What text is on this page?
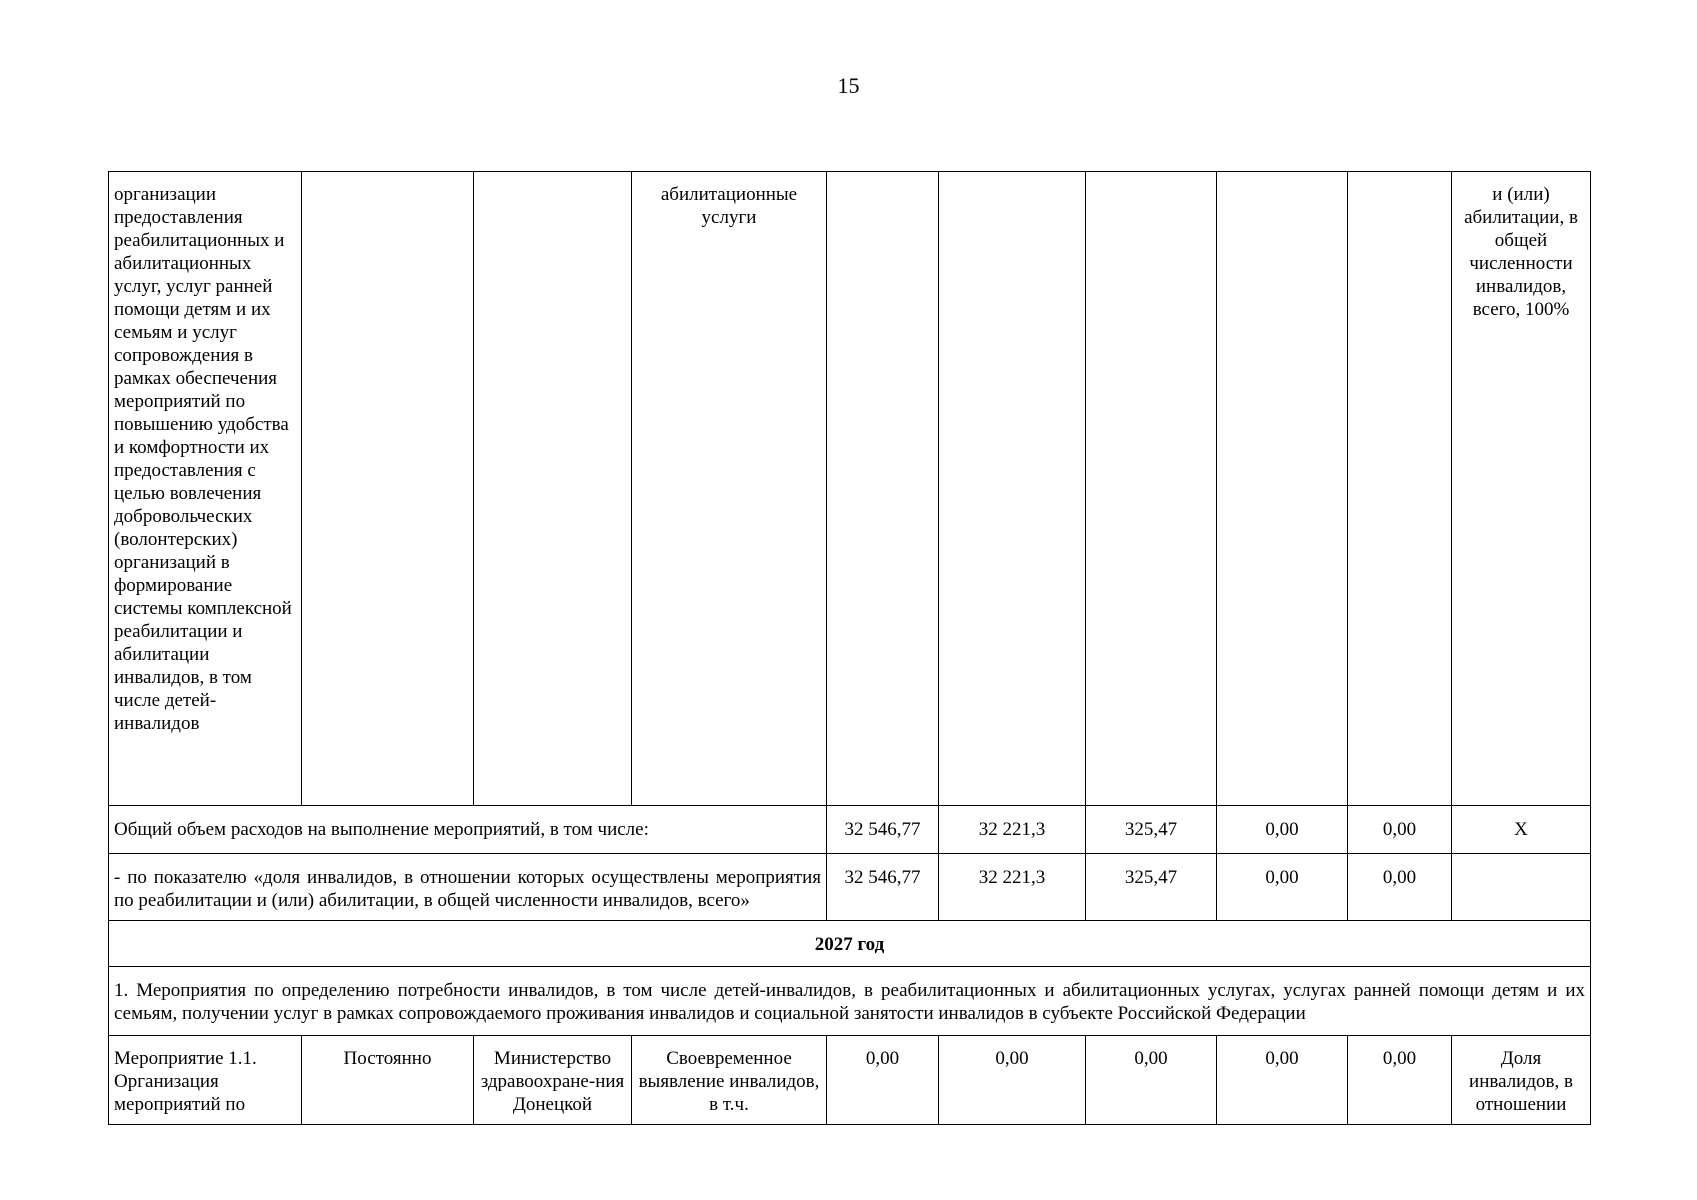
15
организации предоставления реабилитационных и абилитационных услуг, услуг ранней помощи детям и их семьям и услуг сопровождения в рамках обеспечения мероприятий по повышению удобства и комфортности их предоставления с целью вовлечения добровольческих (волонтерских) организаций в формирование системы комплексной реабилитации и абилитации инвалидов, в том числе детей-инвалидов			абилитационные услуги						и (или) абилитации, в общей численности инвалидов, всего, 100%
Общий объем расходов на выполнение мероприятий, в том числе:				32 546,77	32 221,3	325,47	0,00	0,00	Х
- по показателю «доля инвалидов, в отношении которых осуществлены мероприятия по реабилитации и (или) абилитации, в общей численности инвалидов, всего»				32 546,77	32 221,3	325,47	0,00	0,00	
2027 год									
1. Мероприятия по определению потребности инвалидов, в том числе детей-инвалидов, в реабилитационных и абилитационных услугах, услугах ранней помощи детям и их семьям, получении услуг в рамках сопровождаемого проживания инвалидов и социальной занятости инвалидов в субъекте Российской Федерации									
Мероприятие 1.1. Организация мероприятий по	Постоянно	Министерство здравоохране-ния Донецкой	Своевременное выявление инвалидов, в т.ч.	0,00	0,00	0,00	0,00	0,00	Доля инвалидов, в отношении
